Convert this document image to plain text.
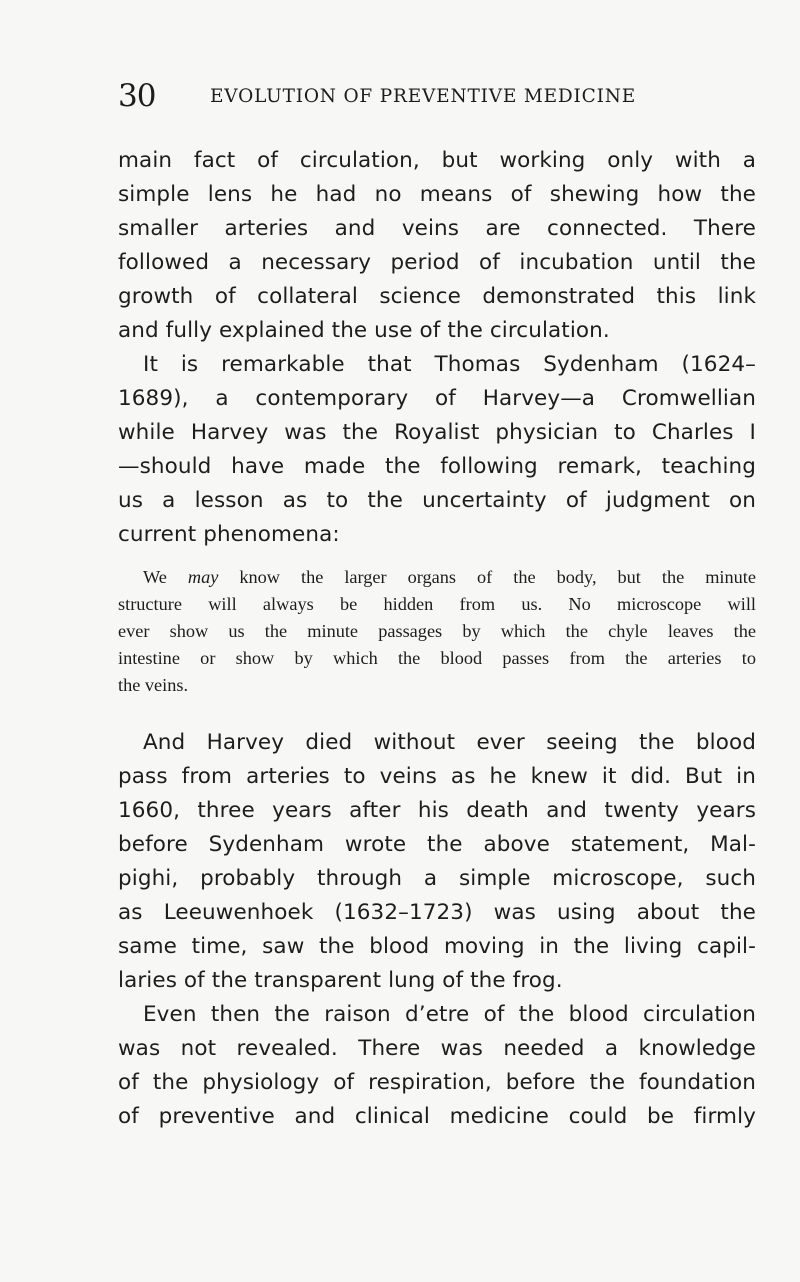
30	EVOLUTION OF PREVENTIVE MEDICINE

main fact of circulation, but working only with a

simple lens he had no means of shewing how the

smaller arteries and veins are connected. There

followed a necessary period of incubation until the

growth of collateral science demonstrated this link

and fully explained the use of the circulation.

It is remarkable that Thomas Sydenham (1624–

1689), a contemporary of Harvey—a Cromwellian

while Harvey was the Royalist physician to Charles I

—should have made the following remark, teaching

us a lesson as to the uncertainty of judgment on

current phenomena:

We may know the larger organs of the body, but the minute

structure will always be hidden from us. No microscope will

ever show us the minute passages by which the chyle leaves the

intestine or show by which the blood passes from the arteries to

the veins.

And Harvey died without ever seeing the blood

pass from arteries to veins as he knew it did. But in

1660, three years after his death and twenty years

before Sydenham wrote the above statement, Mal-

pighi, probably through a simple microscope, such

as Leeuwenhoek (1632–1723) was using about the

same time, saw the blood moving in the living capil-

laries of the transparent lung of the frog.

Even then the raison d’etre of the blood circulation

was not revealed. There was needed a knowledge

of the physiology of respiration, before the foundation

of preventive and clinical medicine could be firmly
